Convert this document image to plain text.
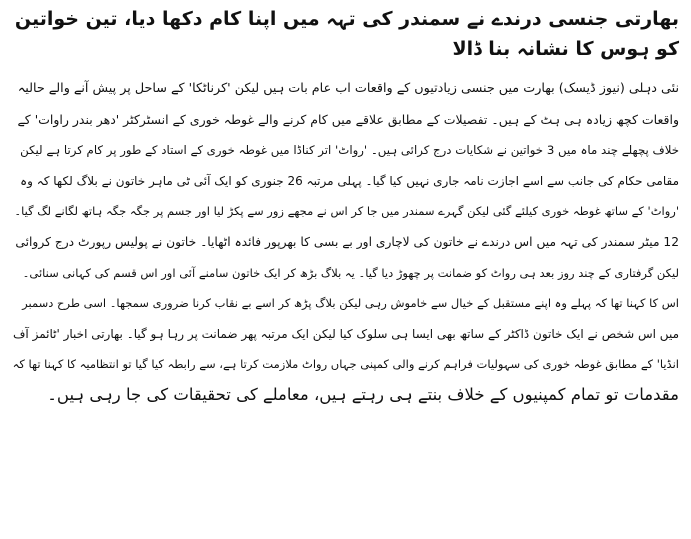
بھارتی جنسی درندے نے سمندر کی تہہ میں اپنا کام دکھا دیا، تین خواتین کو ہوس کا نشانہ بنا ڈالا

نئی دہلی (نیوز ڈیسک) بھارت میں جنسی زیادتیوں کے واقعات اب عام بات ہیں لیکن 'کرناٹکا' کے ساحل پر پیش آنے والے حالیہ

واقعات کچھ زیادہ ہی ہٹ کے ہیں۔ تفصیلات کے مطابق علاقے میں کام کرنے والے غوطہ خوری کے انسٹرکٹر 'دھر بندر راوات' کے

خلاف پچھلے چند ماہ میں 3 خواتین نے شکایات درج کرائی ہیں۔ 'رواٹ' اتر کناڈا میں غوطہ خوری کے استاد کے طور پر کام کرتا ہے لیکن

مقامی حکام کی جانب سے اسے اجازت نامہ جاری نہیں کیا گیا۔ پہلی مرتبہ 26 جنوری کو ایک آئی ٹی ماہر خاتون نے بلاگ لکھا کہ وہ

'رواٹ' کے ساتھ غوطہ خوری کیلئے گئی لیکن گہرے سمندر میں جا کر اس نے مجھے زور سے پکڑ لیا اور جسم پر جگہ جگہ ہاتھ لگانے لگ گیا۔

12 میٹر سمندر کی تہہ میں اس درندے نے خاتون کی لاچاری اور بے بسی کا بھرپور فائدہ اٹھایا۔ خاتون نے پولیس رپورٹ درج کروائی

لیکن گرفتاری کے چند روز بعد ہی رواٹ کو ضمانت پر چھوڑ دیا گیا۔ یہ بلاگ بڑھ کر ایک خاتون سامنے آئی اور اس قسم کی کہانی سنائی۔

اس کا کہنا تھا کہ پہلے وہ اپنے مستقبل کے خیال سے خاموش رہی لیکن بلاگ پڑھ کر اسے بے نقاب کرنا ضروری سمجھا۔ اسی طرح دسمبر

میں اس شخص نے ایک خاتون ڈاکٹر کے ساتھ بھی ایسا ہی سلوک کیا لیکن ایک مرتبہ پھر ضمانت پر رہا ہو گیا۔ بھارتی اخبار 'ٹائمز آف

انڈیا' کے مطابق غوطہ خوری کی سہولیات فراہم کرنے والی کمپنی جہاں رواٹ ملازمت کرتا ہے، سے رابطہ کیا گیا تو انتظامیہ کا کہنا تھا کہ

مقدمات تو تمام کمپنیوں کے خلاف بنتے ہی رہتے ہیں، معاملے کی تحقیقات کی جا رہی ہیں۔
